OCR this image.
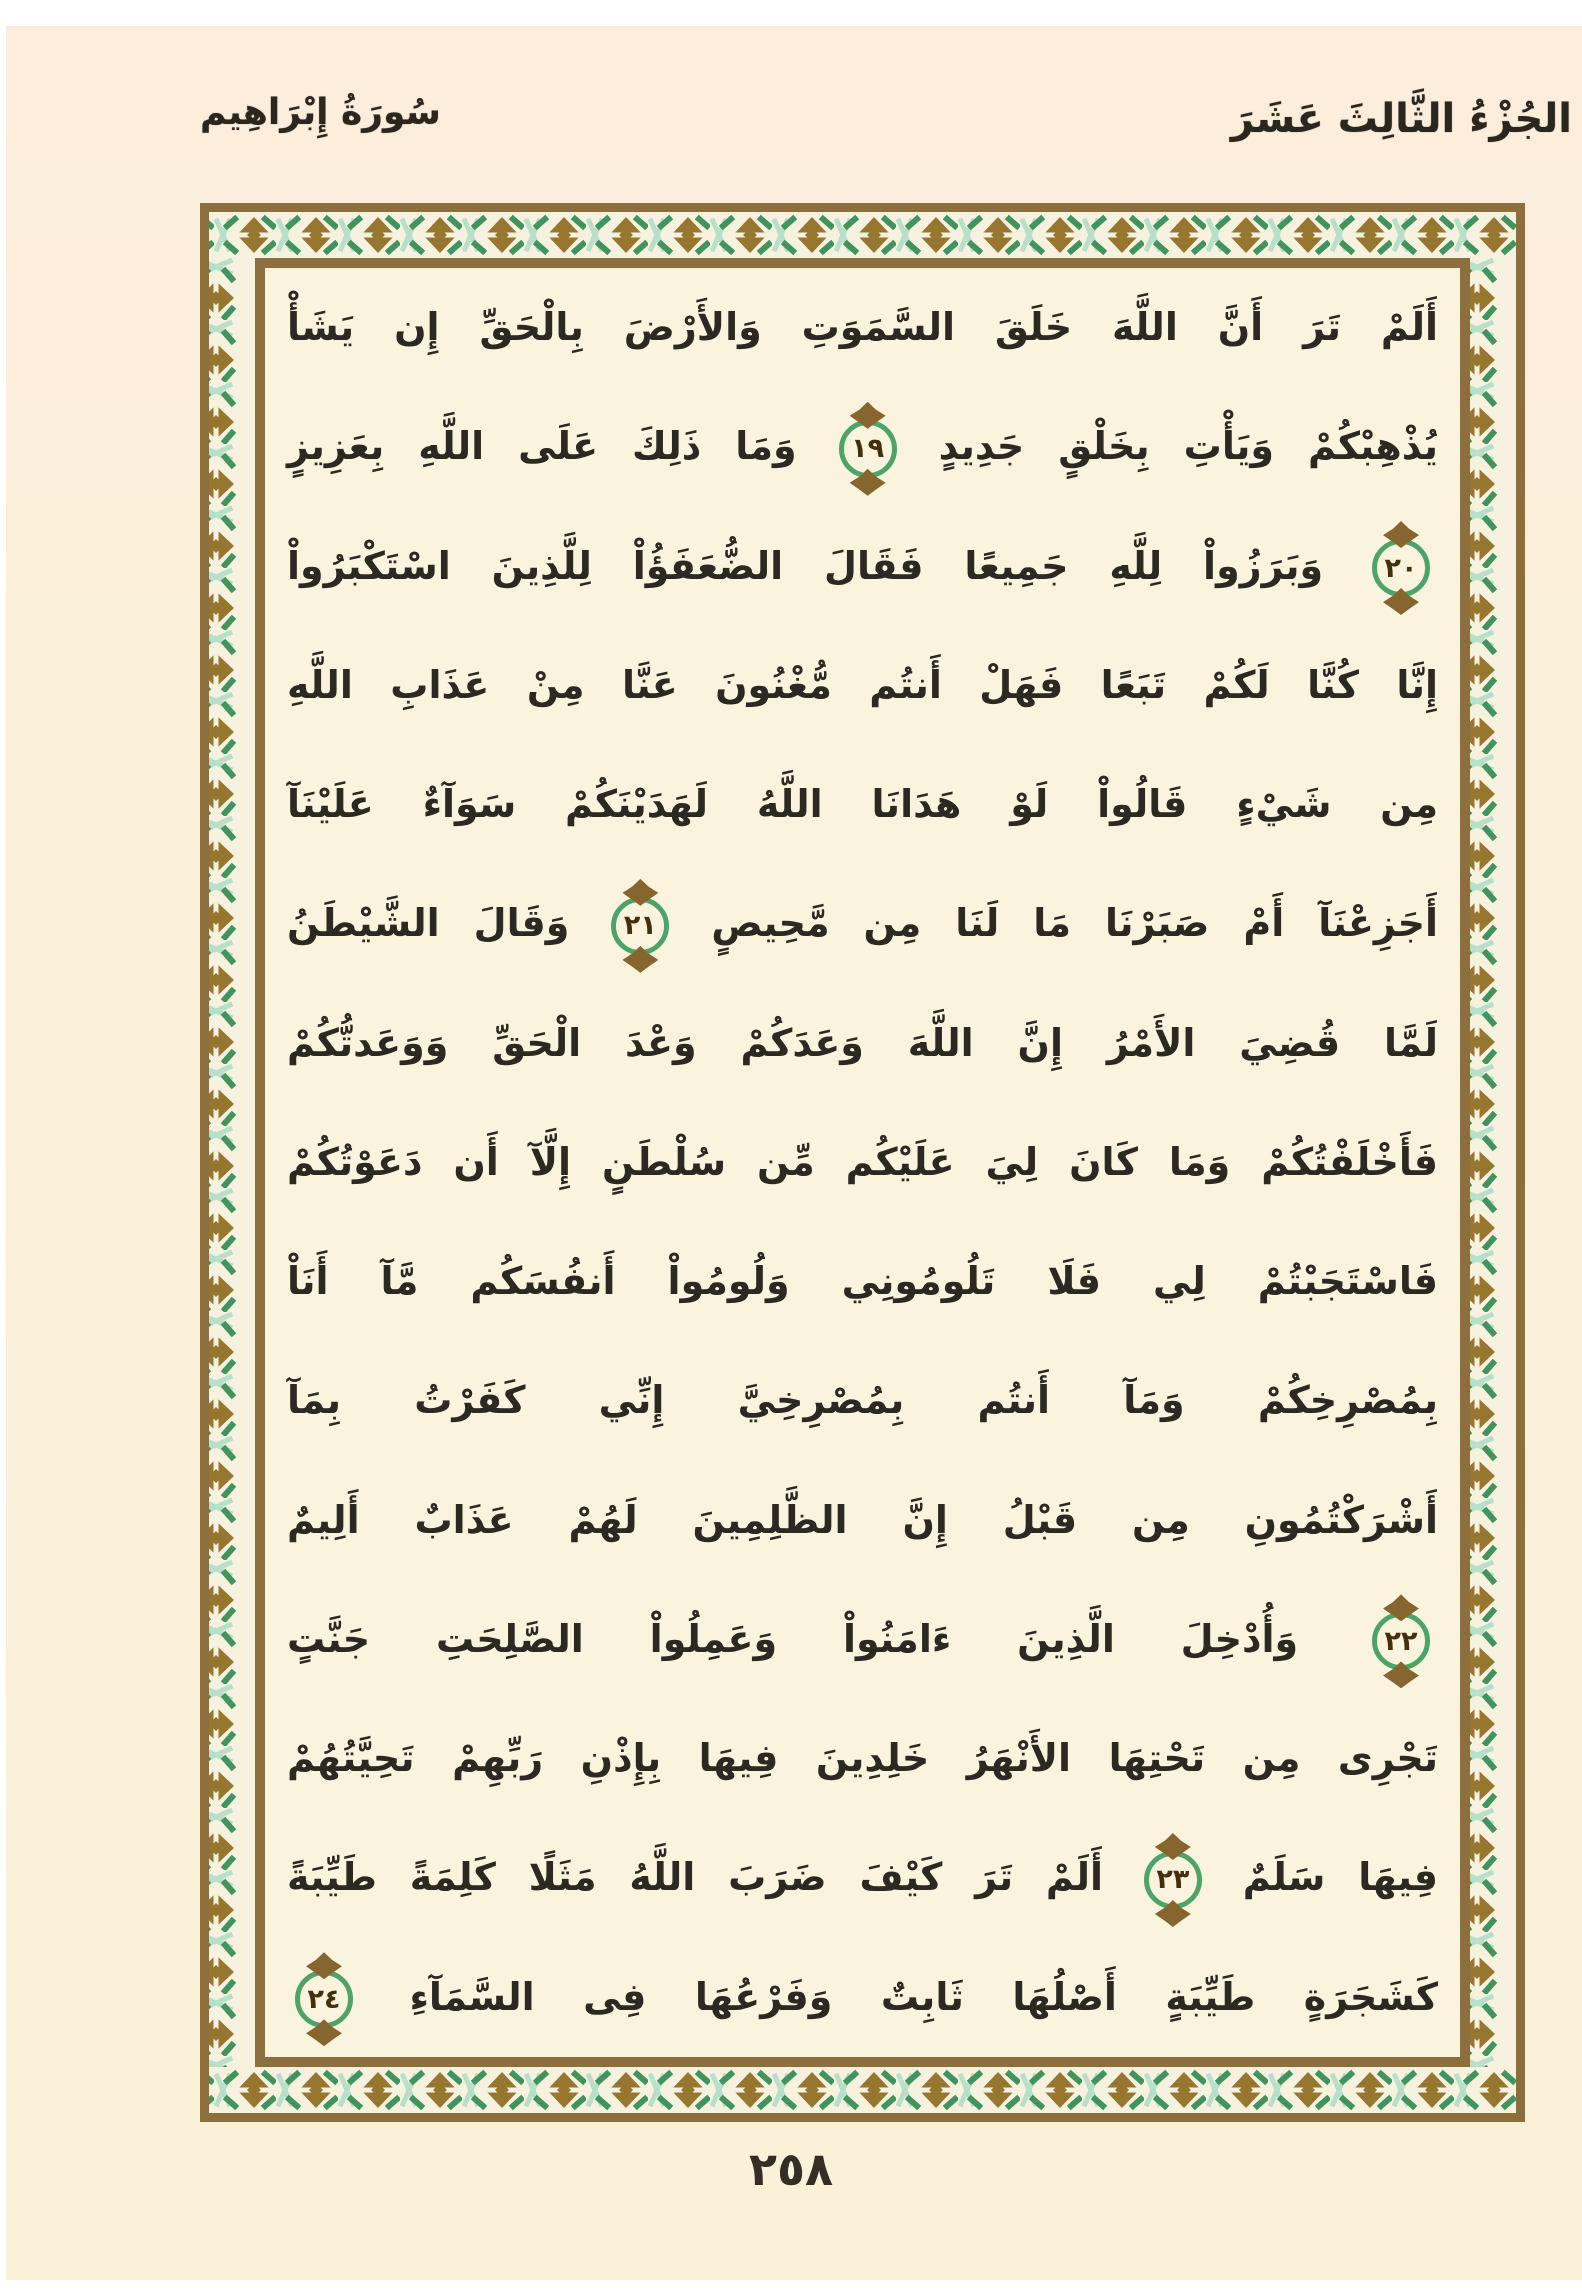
سُورَةُ إِبْرَاهِيم	الجُزْءُ الثَّالِثَ عَشَرَ
أَلَمْ تَرَ أَنَّ اللَّهَ خَلَقَ السَّمَوَتِ وَالأَرْضَ بِالْحَقِّ إِن يَشَأْ
يُذْهِبْكُمْ وَيَأْتِ بِخَلْقٍ جَدِيدٍ
١٩
وَمَا ذَلِكَ عَلَى اللَّهِ بِعَزِيزٍ
٢٠
وَبَرَزُواْ لِلَّهِ جَمِيعًا فَقَالَ الضُّعَفَؤُاْ لِلَّذِينَ اسْتَكْبَرُواْ
إِنَّا كُنَّا لَكُمْ تَبَعًا فَهَلْ أَنتُم مُّغْنُونَ عَنَّا مِنْ عَذَابِ اللَّهِ
مِن شَيْءٍ قَالُواْ لَوْ هَدَانَا اللَّهُ لَهَدَيْنَكُمْ سَوَآءٌ عَلَيْنَآ
أَجَزِعْنَآ أَمْ صَبَرْنَا مَا لَنَا مِن مَّحِيصٍ
٢١
وَقَالَ الشَّيْطَنُ
لَمَّا قُضِيَ الأَمْرُ إِنَّ اللَّهَ وَعَدَكُمْ وَعْدَ الْحَقِّ وَوَعَدتُّكُمْ
فَأَخْلَفْتُكُمْ وَمَا كَانَ لِيَ عَلَيْكُم مِّن سُلْطَنٍ إِلَّآ أَن دَعَوْتُكُمْ
فَاسْتَجَبْتُمْ لِي فَلَا تَلُومُونِي وَلُومُواْ أَنفُسَكُم مَّآ أَنَاْ
بِمُصْرِخِكُمْ وَمَآ أَنتُم بِمُصْرِخِيَّ إِنِّي كَفَرْتُ بِمَآ
أَشْرَكْتُمُونِ مِن قَبْلُ إِنَّ الظَّلِمِينَ لَهُمْ عَذَابٌ أَلِيمٌ
٢٢
وَأُدْخِلَ الَّذِينَ ءَامَنُواْ وَعَمِلُواْ الصَّلِحَتِ جَنَّتٍ
تَجْرِى مِن تَحْتِهَا الأَنْهَرُ خَلِدِينَ فِيهَا بِإِذْنِ رَبِّهِمْ تَحِيَّتُهُمْ
فِيهَا سَلَمٌ
٢٣
أَلَمْ تَرَ كَيْفَ ضَرَبَ اللَّهُ مَثَلًا كَلِمَةً طَيِّبَةً
كَشَجَرَةٍ طَيِّبَةٍ أَصْلُهَا ثَابِتٌ وَفَرْعُهَا فِى السَّمَآءِ
٢٤
٢٥٨
